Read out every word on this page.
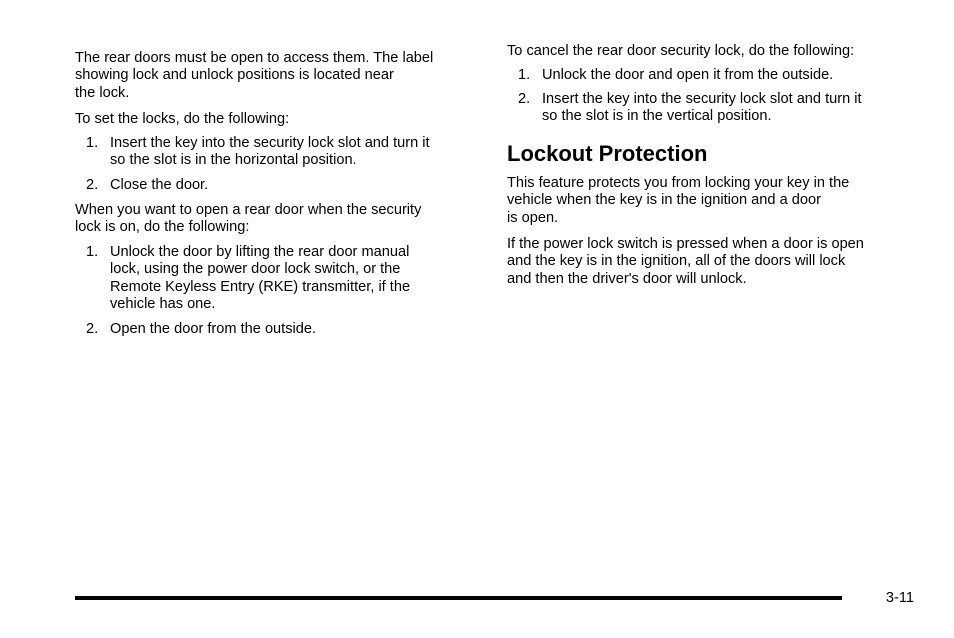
The rear doors must be open to access them. The label
showing lock and unlock positions is located near
the lock.

To set the locks, do the following:

1. Insert the key into the security lock slot and turn it
so the slot is in the horizontal position.
2. Close the door.

When you want to open a rear door when the security
lock is on, do the following:

1. Unlock the door by lifting the rear door manual
lock, using the power door lock switch, or the
Remote Keyless Entry (RKE) transmitter, if the
vehicle has one.
2. Open the door from the outside.

To cancel the rear door security lock, do the following:

1. Unlock the door and open it from the outside.
2. Insert the key into the security lock slot and turn it
so the slot is in the vertical position.
Lockout Protection

This feature protects you from locking your key in the
vehicle when the key is in the ignition and a door
is open.

If the power lock switch is pressed when a door is open
and the key is in the ignition, all of the doors will lock
and then the driver's door will unlock.

3-11
